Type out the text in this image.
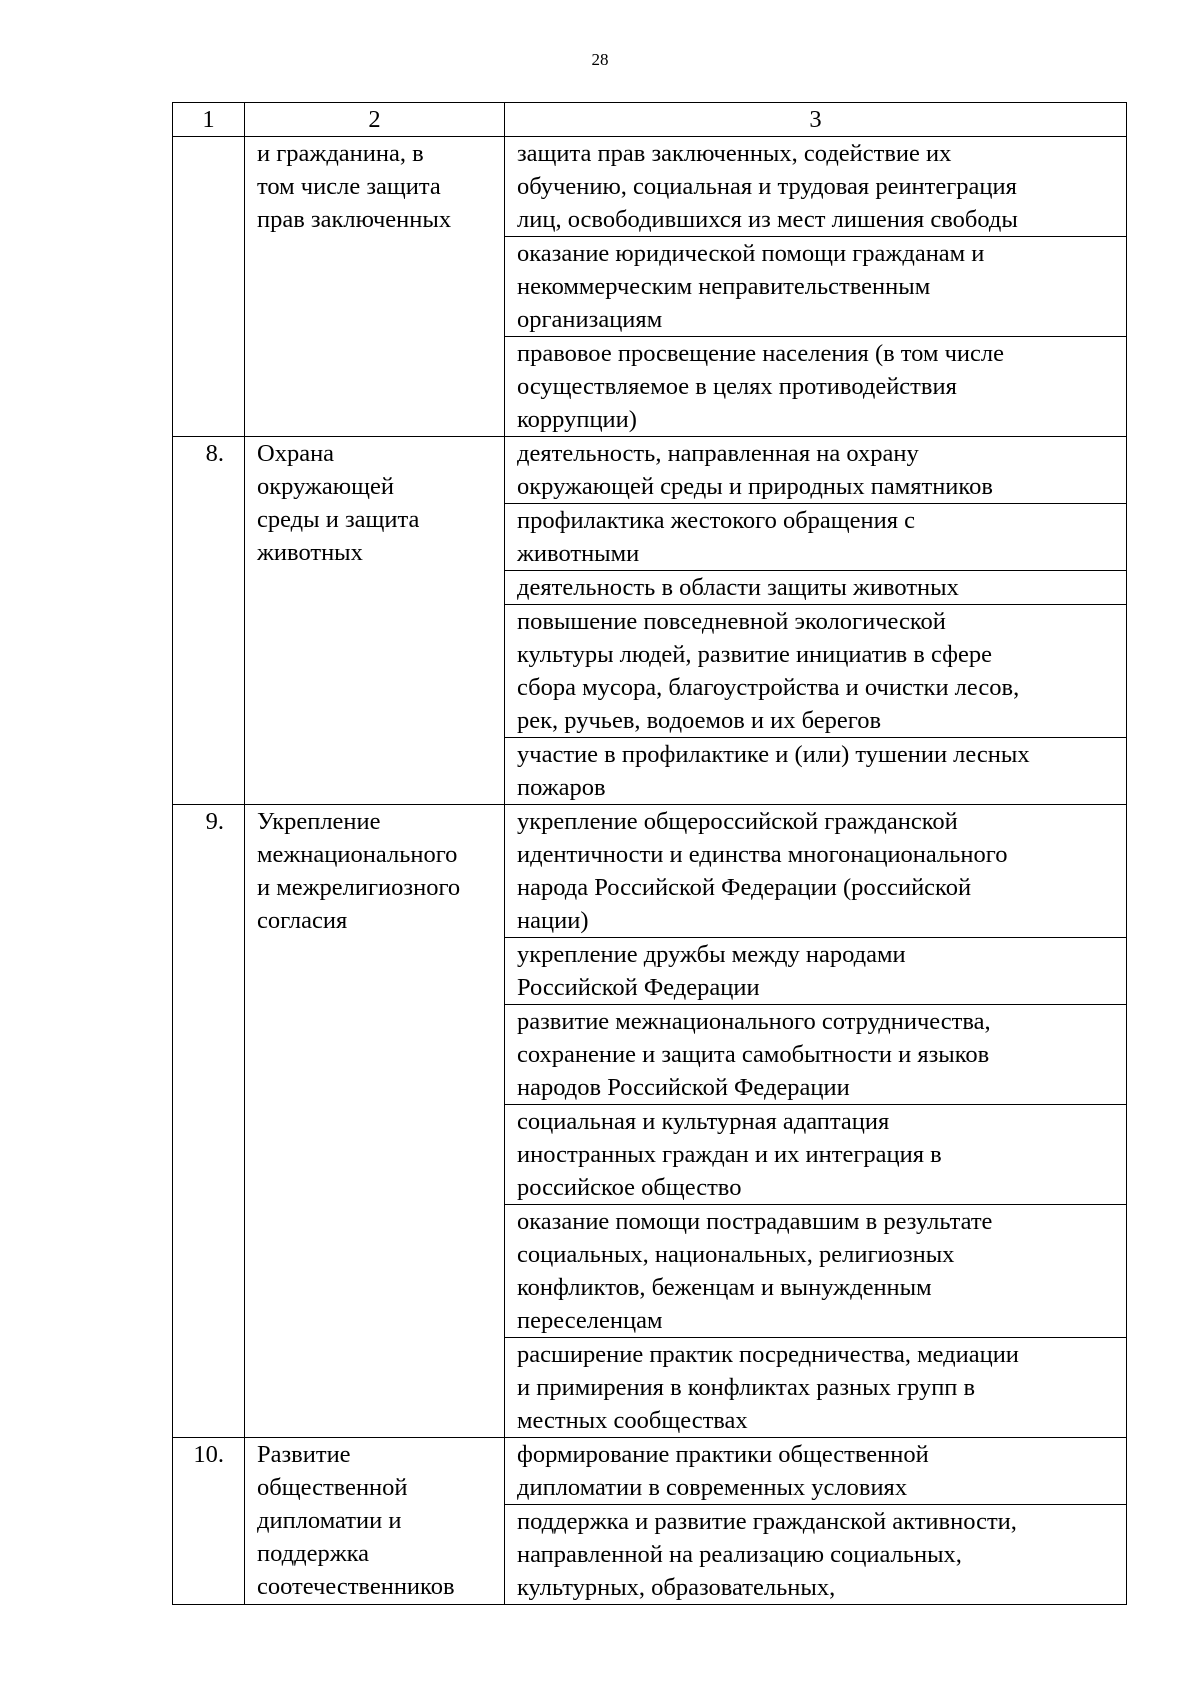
28
1	2	3

	и гражданина, в
том числе защита
прав заключенных	защита прав заключенных, содействие их
обучению, социальная и трудовая реинтеграция
лиц, освободившихся из мест лишения свободы

		оказание юридической помощи гражданам и
некоммерческим неправительственным
организациям

		правовое просвещение населения (в том числе
осуществляемое в целях противодействия
коррупции)

8.	Охрана
окружающей
среды и защита
животных	деятельность, направленная на охрану
окружающей среды и природных памятников

		профилактика жестокого обращения с
животными

		деятельность в области защиты животных

		повышение повседневной экологической
культуры людей, развитие инициатив в сфере
сбора мусора, благоустройства и очистки лесов,
рек, ручьев, водоемов и их берегов

		участие в профилактике и (или) тушении лесных
пожаров

9.	Укрепление
межнационального
и межрелигиозного
согласия	укрепление общероссийской гражданской
идентичности и единства многонационального
народа Российской Федерации (российской
нации)

		укрепление дружбы между народами
Российской Федерации

		развитие межнационального сотрудничества,
сохранение и защита самобытности и языков
народов Российской Федерации

		социальная и культурная адаптация
иностранных граждан и их интеграция в
российское общество

		оказание помощи пострадавшим в результате
социальных, национальных, религиозных
конфликтов, беженцам и вынужденным
переселенцам

		расширение практик посредничества, медиации
и примирения в конфликтах разных групп в
местных сообществах

10.	Развитие
общественной
дипломатии и
поддержка
соотечественников	формирование практики общественной
дипломатии в современных условиях

		поддержка и развитие гражданской активности,
направленной на реализацию социальных,
культурных, образовательных,
